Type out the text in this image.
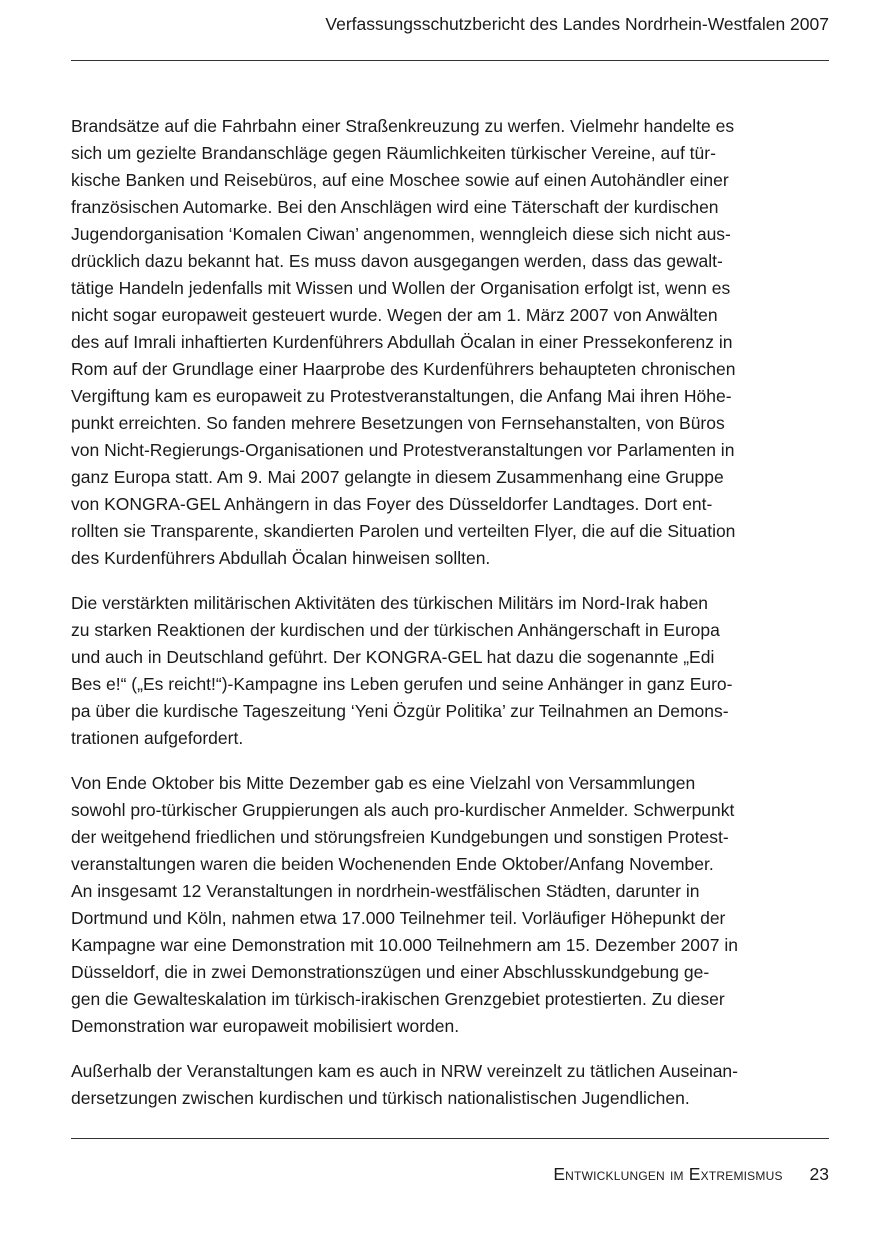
Verfassungsschutzbericht des Landes Nordrhein-Westfalen 2007

Brandsätze auf die Fahrbahn einer Straßenkreuzung zu werfen. Vielmehr handelte es
sich um gezielte Brandanschläge gegen Räumlichkeiten türkischer Vereine, auf tür-
kische Banken und Reisebüros, auf eine Moschee sowie auf einen Autohändler einer
französischen Automarke. Bei den Anschlägen wird eine Täterschaft der kurdischen
Jugendorganisation ‘Komalen Ciwan’ angenommen, wenngleich diese sich nicht aus-
drücklich dazu bekannt hat. Es muss davon ausgegangen werden, dass das gewalt-
tätige Handeln jedenfalls mit Wissen und Wollen der Organisation erfolgt ist, wenn es
nicht sogar europaweit gesteuert wurde. Wegen der am 1. März 2007 von Anwälten
des auf Imrali inhaftierten Kurdenführers Abdullah Öcalan in einer Pressekonferenz in
Rom auf der Grundlage einer Haarprobe des Kurdenführers behaupteten chronischen
Vergiftung kam es europaweit zu Protestveranstaltungen, die Anfang Mai ihren Höhe-
punkt erreichten. So fanden mehrere Besetzungen von Fernsehanstalten, von Büros
von Nicht-Regierungs-Organisationen und Protestveranstaltungen vor Parlamenten in
ganz Europa statt. Am 9. Mai 2007 gelangte in diesem Zusammenhang eine Gruppe
von KONGRA-GEL Anhängern in das Foyer des Düsseldorfer Landtages. Dort ent-
rollten sie Transparente, skandierten Parolen und verteilten Flyer, die auf die Situation
des Kurdenführers Abdullah Öcalan hinweisen sollten.

Die verstärkten militärischen Aktivitäten des türkischen Militärs im Nord-Irak haben
zu starken Reaktionen der kurdischen und der türkischen Anhängerschaft in Europa
und auch in Deutschland geführt. Der KONGRA-GEL hat dazu die sogenannte „Edi
Bes e!“ („Es reicht!“)-Kampagne ins Leben gerufen und seine Anhänger in ganz Euro-
pa über die kurdische Tageszeitung ‘Yeni Özgür Politika’ zur Teilnahmen an Demons-
trationen aufgefordert.

Von Ende Oktober bis Mitte Dezember gab es eine Vielzahl von Versammlungen
sowohl pro-türkischer Gruppierungen als auch pro-kurdischer Anmelder. Schwerpunkt
der weitgehend friedlichen und störungsfreien Kundgebungen und sonstigen Protest-
veranstaltungen waren die beiden Wochenenden Ende Oktober/Anfang November.
An insgesamt 12 Veranstaltungen in nordrhein-westfälischen Städten, darunter in
Dortmund und Köln, nahmen etwa 17.000 Teilnehmer teil. Vorläufiger Höhepunkt der
Kampagne war eine Demonstration mit 10.000 Teilnehmern am 15. Dezember 2007 in
Düsseldorf, die in zwei Demonstrationszügen und einer Abschlusskundgebung ge-
gen die Gewalteskalation im türkisch-irakischen Grenzgebiet protestierten. Zu dieser
Demonstration war europaweit mobilisiert worden.

Außerhalb der Veranstaltungen kam es auch in NRW vereinzelt zu tätlichen Auseinan-
dersetzungen zwischen kurdischen und türkisch nationalistischen Jugendlichen.

Entwicklungen im Extremismus 23
